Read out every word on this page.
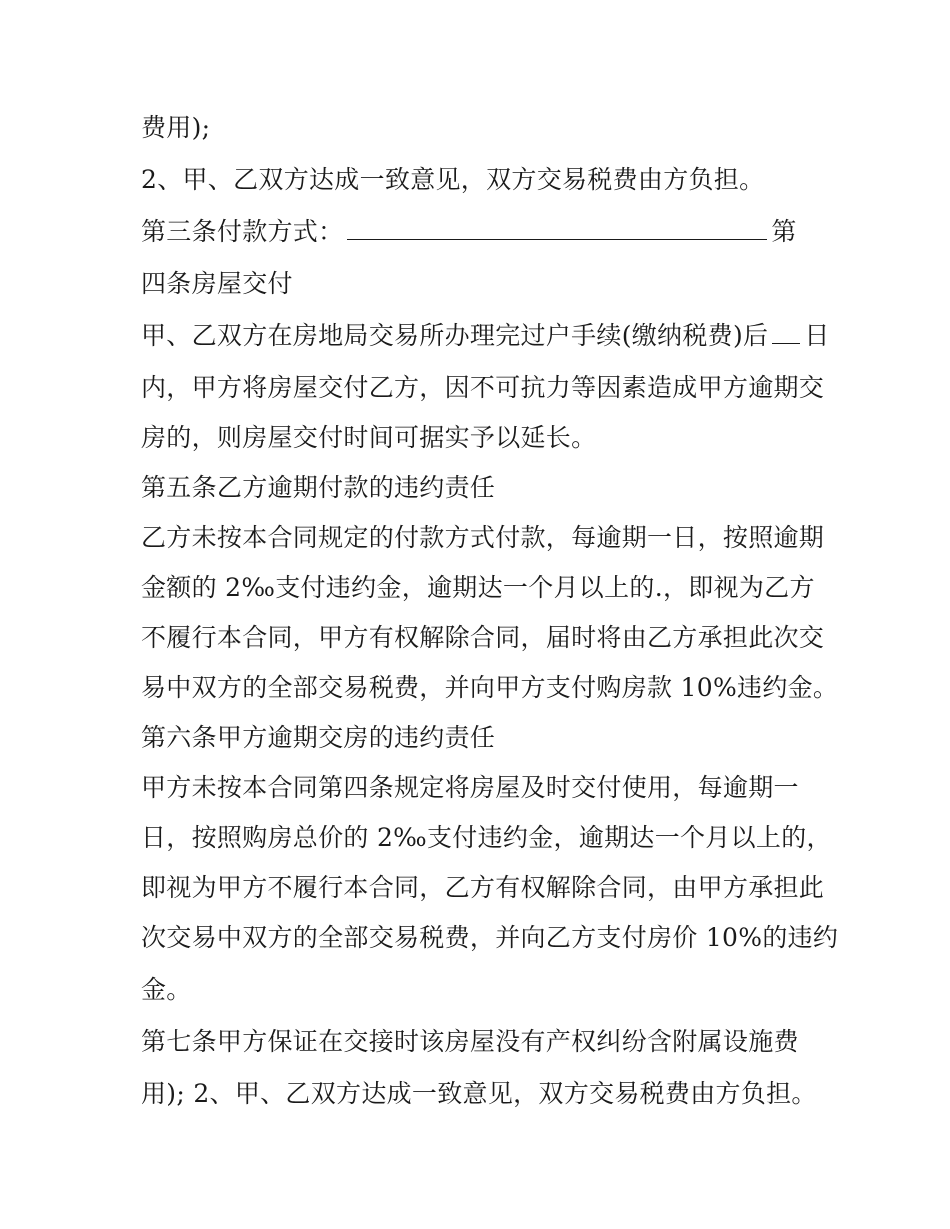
费用);
2、甲、乙双方达成一致意见，双方交易税费由方负担。
第三条付款方式：	第
四条房屋交付
甲、乙双方在房地局交易所办理完过户手续(缴纳税费)后 日
内，甲方将房屋交付乙方，因不可抗力等因素造成甲方逾期交
房的，则房屋交付时间可据实予以延长。
第五条乙方逾期付款的违约责任
乙方未按本合同规定的付款方式付款，每逾期一日，按照逾期
金额的 2‰支付违约金，逾期达一个月以上的.，即视为乙方
不履行本合同，甲方有权解除合同，届时将由乙方承担此次交
易中双方的全部交易税费，并向甲方支付购房款 10%违约金。
第六条甲方逾期交房的违约责任
甲方未按本合同第四条规定将房屋及时交付使用，每逾期一
日，按照购房总价的 2‰支付违约金，逾期达一个月以上的，
即视为甲方不履行本合同，乙方有权解除合同，由甲方承担此
次交易中双方的全部交易税费，并向乙方支付房价 10%的违约
金。
第七条甲方保证在交接时该房屋没有产权纠纷含附属设施费
用); 2、甲、乙双方达成一致意见，双方交易税费由方负担。
